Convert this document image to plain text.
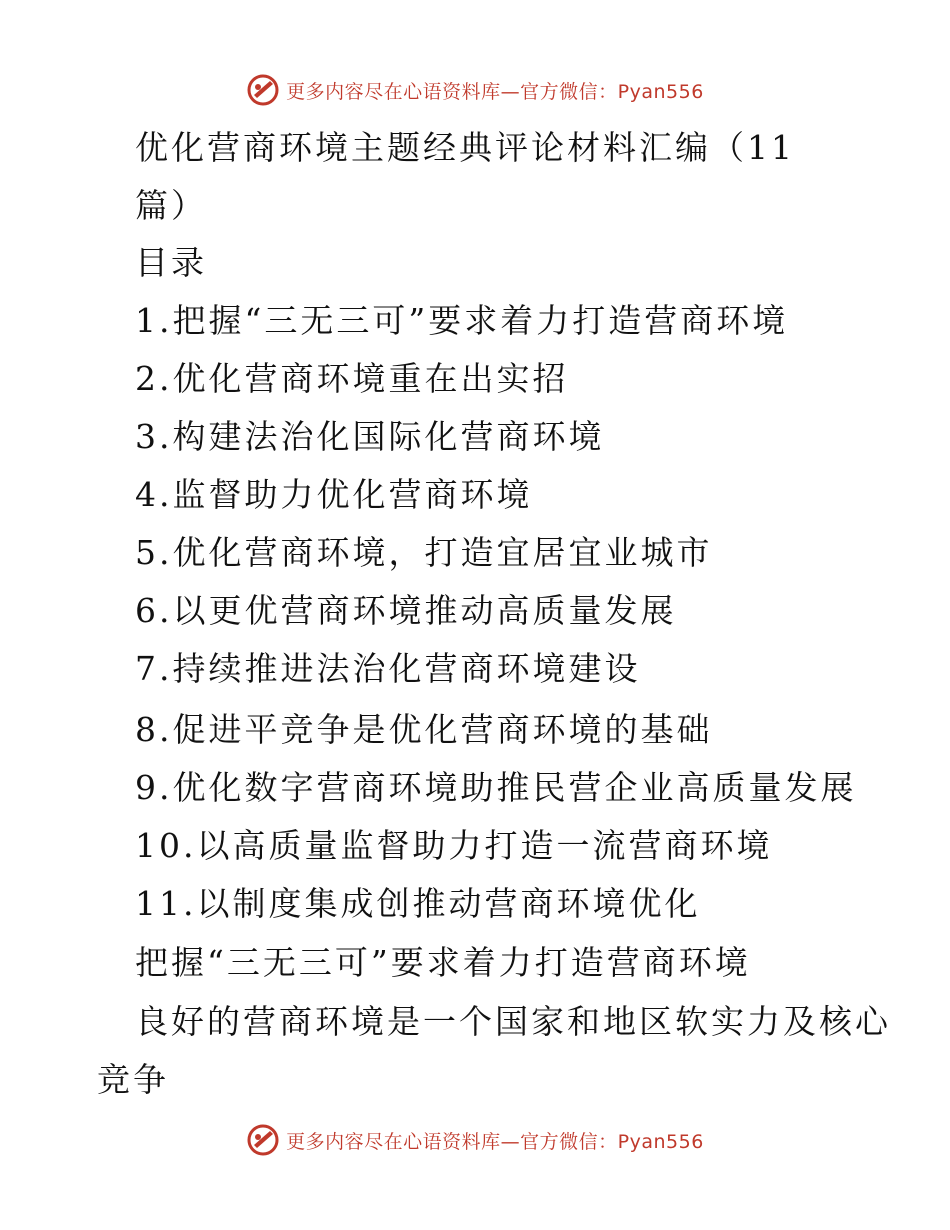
更多内容尽在心语资料库—官方微信：Pyan556
优化营商环境主题经典评论材料汇编（11
篇）
目录
1.把握“三无三可”要求着力打造营商环境
2.优化营商环境重在出实招
3.构建法治化国际化营商环境
4.监督助力优化营商环境
5.优化营商环境，打造宜居宜业城市
6.以更优营商环境推动高质量发展
7.持续推进法治化营商环境建设
8.促进平竞争是优化营商环境的基础
9.优化数字营商环境助推民营企业高质量发展
10.以高质量监督助力打造一流营商环境
11.以制度集成创推动营商环境优化
把握“三无三可”要求着力打造营商环境
良好的营商环境是一个国家和地区软实力及核心
竞争
更多内容尽在心语资料库—官方微信：Pyan556
